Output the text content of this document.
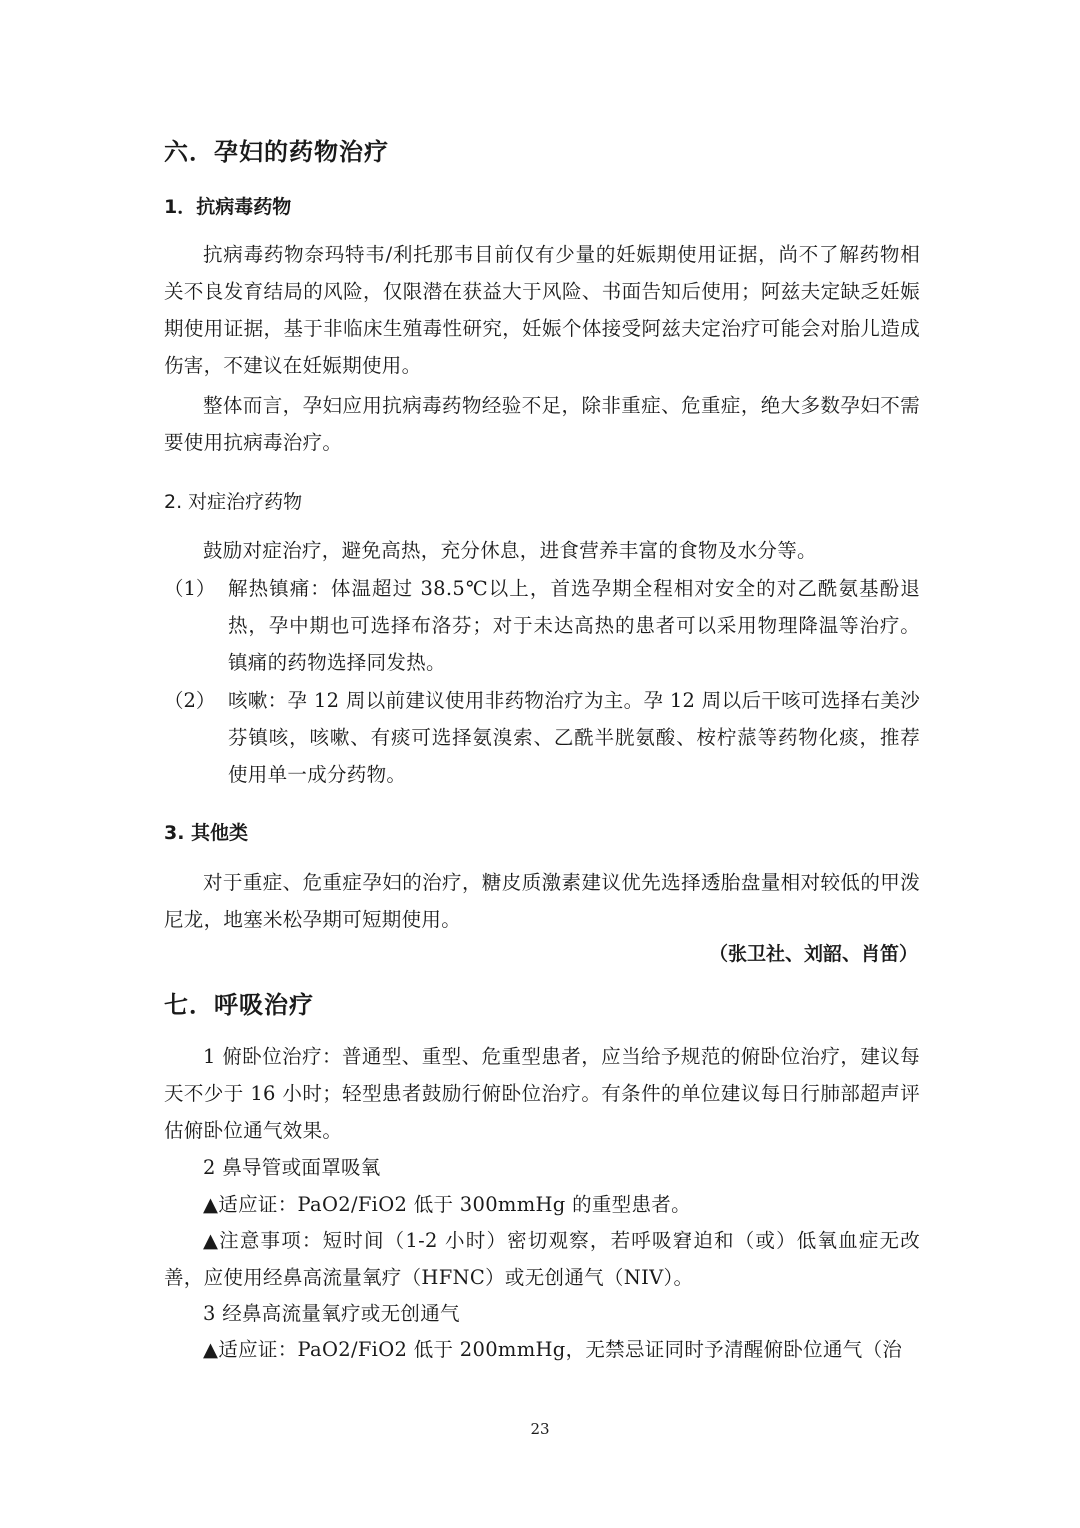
六．孕妇的药物治疗
1．抗病毒药物

抗病毒药物奈玛特韦/利托那韦目前仅有少量的妊娠期使用证据，尚不了解药物相关不良发育结局的风险，仅限潜在获益大于风险、书面告知后使用；阿兹夫定缺乏妊娠期使用证据，基于非临床生殖毒性研究，妊娠个体接受阿兹夫定治疗可能会对胎儿造成伤害，不建议在妊娠期使用。

整体而言，孕妇应用抗病毒药物经验不足，除非重症、危重症，绝大多数孕妇不需要使用抗病毒治疗。

2. 对症治疗药物

鼓励对症治疗，避免高热，充分休息，进食营养丰富的食物及水分等。

（1） 解热镇痛：体温超过 38.5℃以上，首选孕期全程相对安全的对乙酰氨基酚退热，孕中期也可选择布洛芬；对于未达高热的患者可以采用物理降温等治疗。镇痛的药物选择同发热。
（2） 咳嗽：孕 12 周以前建议使用非药物治疗为主。孕 12 周以后干咳可选择右美沙芬镇咳，咳嗽、有痰可选择氨溴索、乙酰半胱氨酸、桉柠蒎等药物化痰，推荐使用单一成分药物。
3. 其他类

对于重症、危重症孕妇的治疗，糖皮质激素建议优先选择透胎盘量相对较低的甲泼尼龙，地塞米松孕期可短期使用。

（张卫社、刘韶、肖笛）
七．呼吸治疗

1 俯卧位治疗：普通型、重型、危重型患者，应当给予规范的俯卧位治疗，建议每天不少于 16 小时；轻型患者鼓励行俯卧位治疗。有条件的单位建议每日行肺部超声评估俯卧位通气效果。

2 鼻导管或面罩吸氧

▲适应证：PaO2/FiO2 低于 300mmHg 的重型患者。

▲注意事项：短时间（1-2 小时）密切观察，若呼吸窘迫和（或）低氧血症无改善，应使用经鼻高流量氧疗（HFNC）或无创通气（NIV）。

3 经鼻高流量氧疗或无创通气

▲适应证：PaO2/FiO2 低于 200mmHg，无禁忌证同时予清醒俯卧位通气（治

23
